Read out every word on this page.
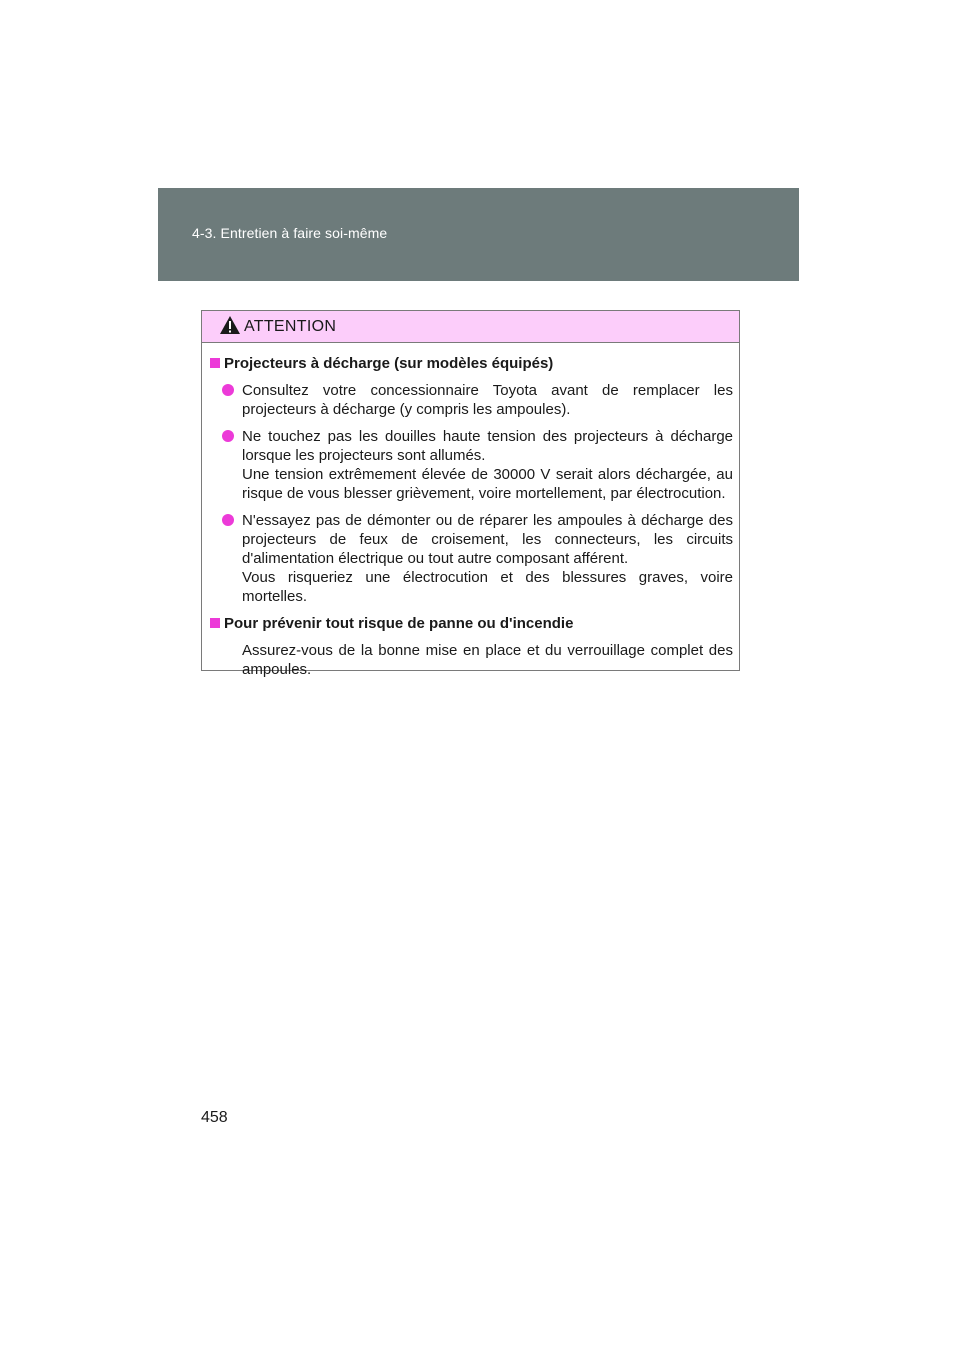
4-3. Entretien à faire soi-même
ATTENTION
Projecteurs à décharge (sur modèles équipés)

Consultez votre concessionnaire Toyota avant de remplacer les projecteurs à décharge (y compris les ampoules).

Ne touchez pas les douilles haute tension des projecteurs à décharge lorsque les projecteurs sont allumés.

Une tension extrêmement élevée de 30000 V serait alors déchargée, au risque de vous blesser grièvement, voire mortellement, par électrocution.

N'essayez pas de démonter ou de réparer les ampoules à décharge des projecteurs de feux de croisement, les connecteurs, les circuits d'alimentation électrique ou tout autre composant afférent.

Vous risqueriez une électrocution et des blessures graves, voire mortelles.

Pour prévenir tout risque de panne ou d'incendie

Assurez-vous de la bonne mise en place et du verrouillage complet des ampoules.

458
